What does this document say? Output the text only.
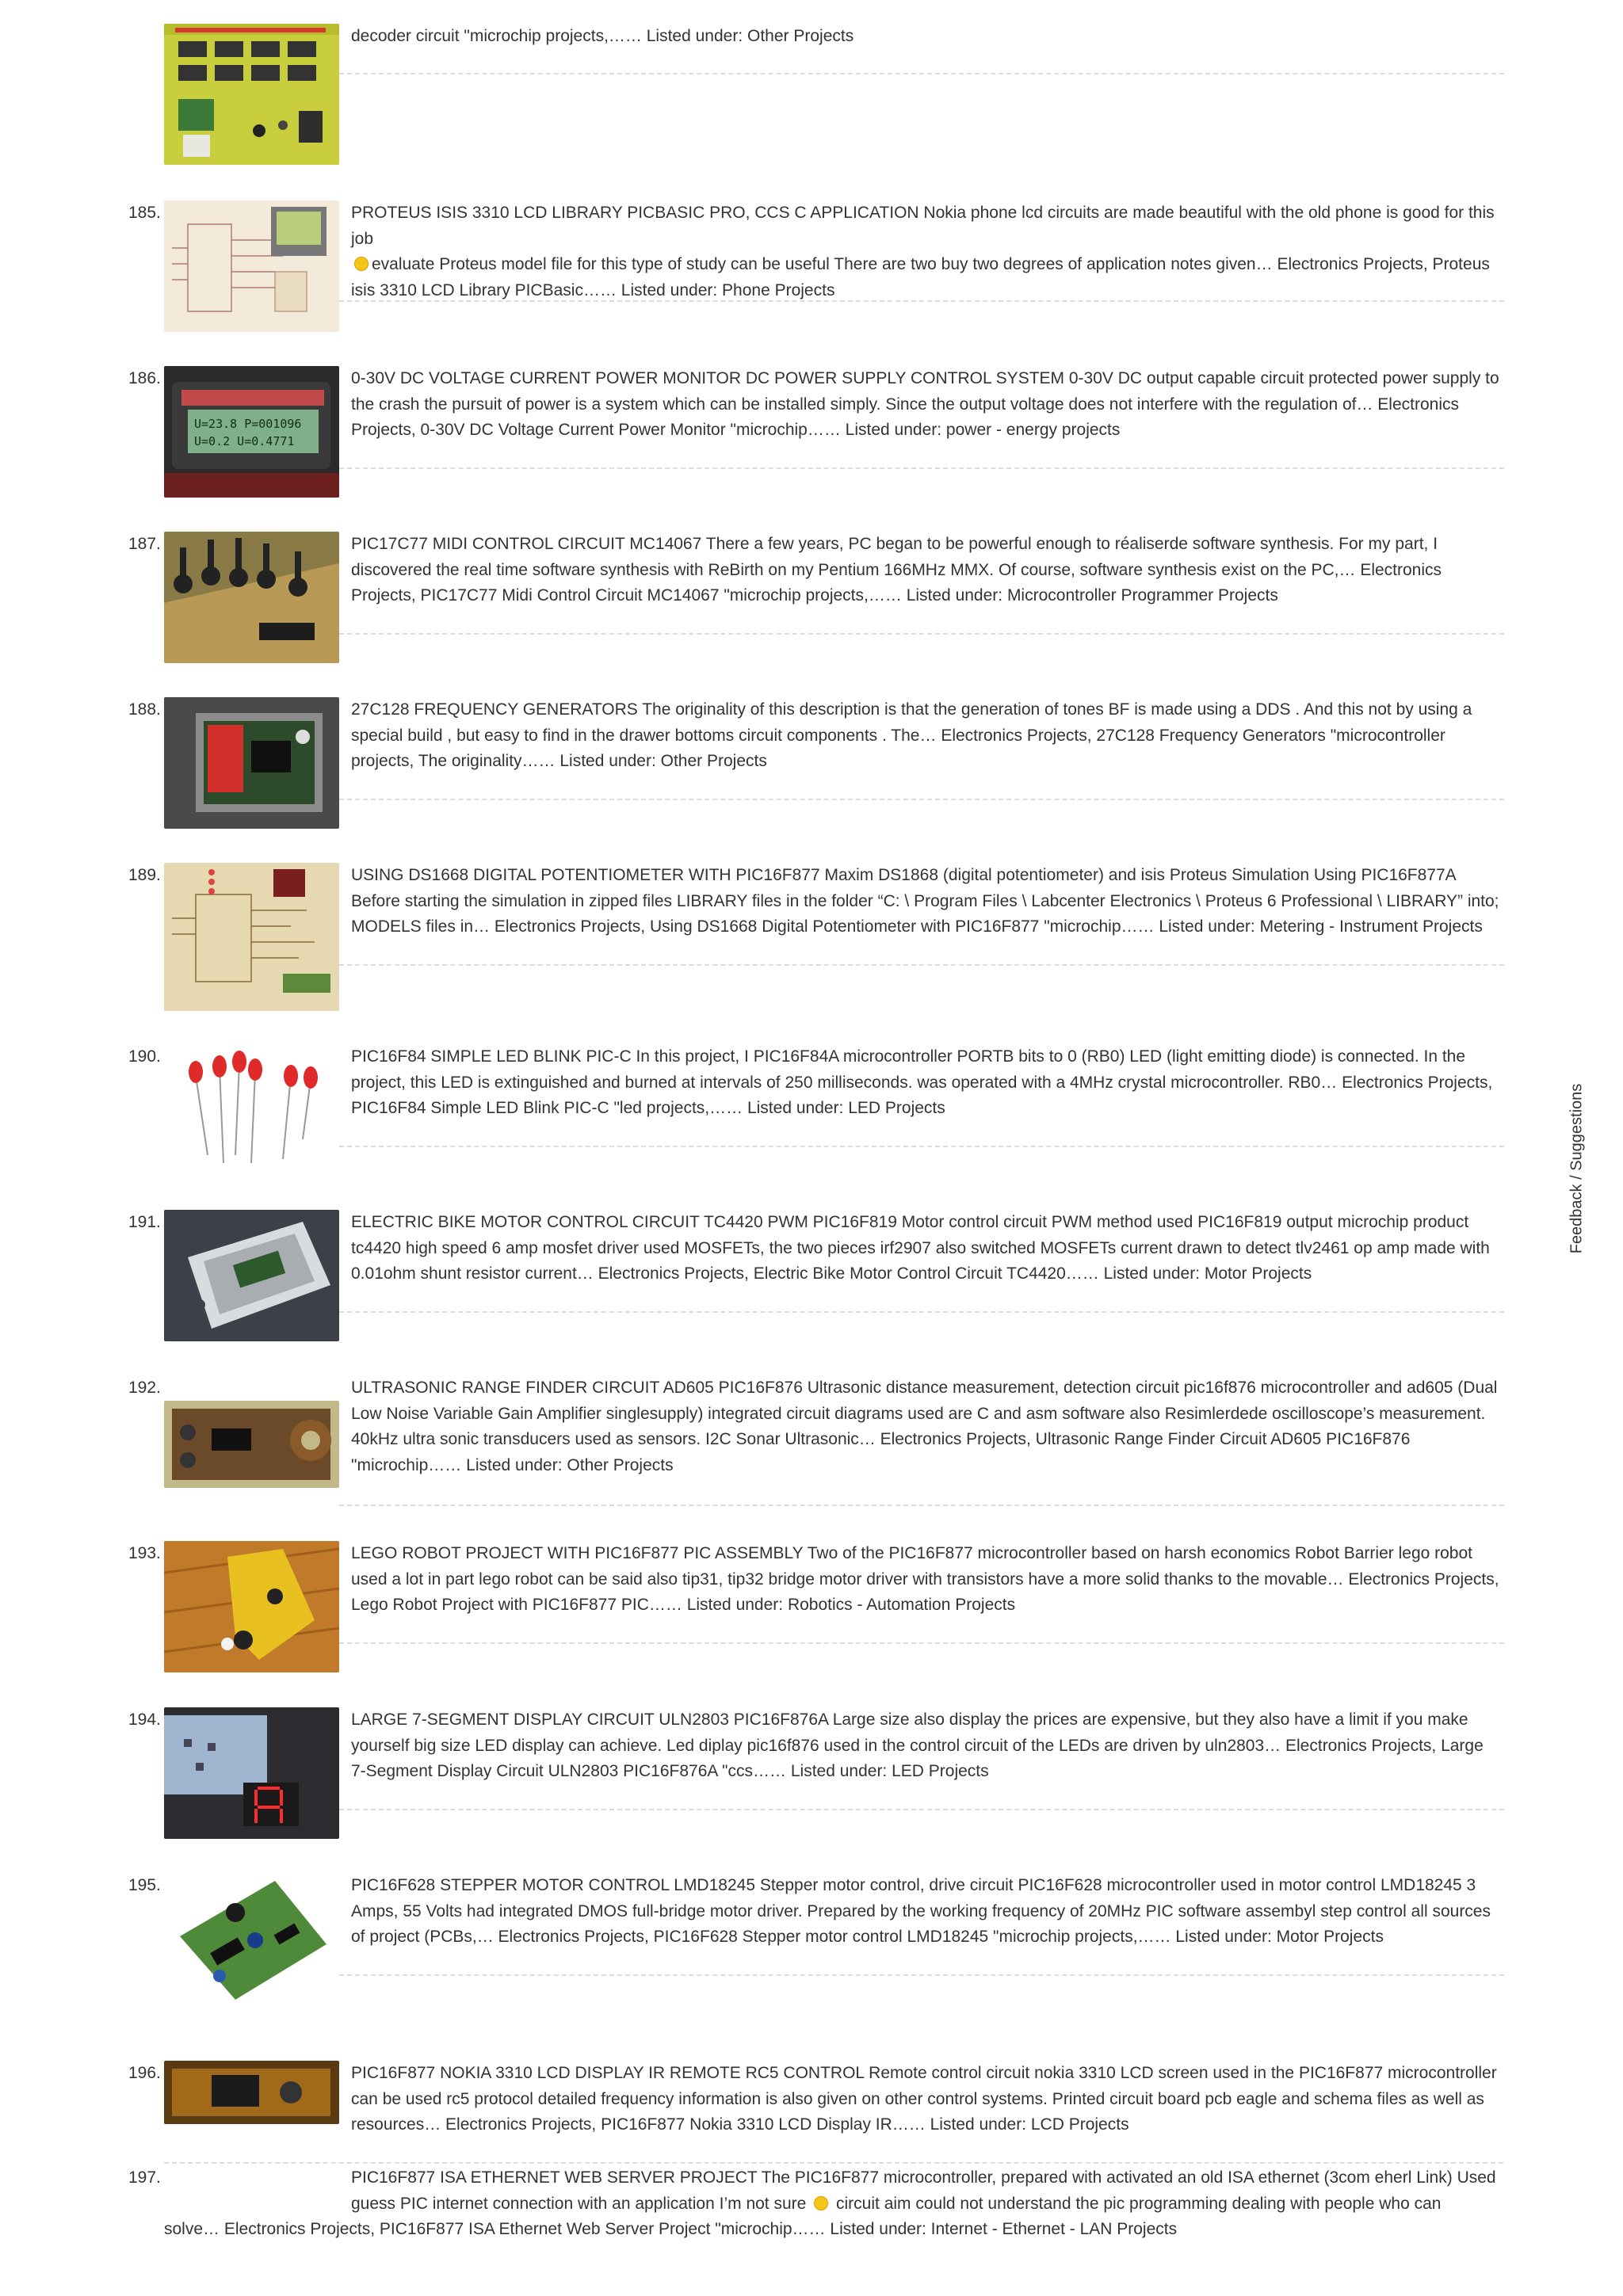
decoder circuit "microchip projects,…… Listed under: Other Projects
185.	PROTEUS ISIS 3310 LCD LIBRARY PICBASIC PRO, CCS C APPLICATION Nokia phone lcd circuits are made beautiful with the old phone is good for this job
evaluate Proteus model file for this type of study can be useful There are two buy two degrees of application notes given… Electronics Projects, Proteus isis 3310 LCD Library PICBasic…… Listed under: Phone Projects
186.
U=23.8 P=001096
U=0.2 U=0.4771
0-30V DC VOLTAGE CURRENT POWER MONITOR DC POWER SUPPLY CONTROL SYSTEM 0-30V DC output capable circuit protected power supply to the crash the pursuit of power is a system which can be installed simply. Since the output voltage does not interfere with the regulation of… Electronics Projects, 0-30V DC Voltage Current Power Monitor "microchip…… Listed under: power - energy projects
187.	PIC17C77 MIDI CONTROL CIRCUIT MC14067 There a few years, PC began to be powerful enough to réaliserde software synthesis. For my part, I discovered the real time software synthesis with ReBirth on my Pentium 166MHz MMX. Of course, software synthesis exist on the PC,… Electronics Projects, PIC17C77 Midi Control Circuit MC14067 "microchip projects,…… Listed under: Microcontroller Programmer Projects
188.	27C128 FREQUENCY GENERATORS The originality of this description is that the generation of tones BF is made using a DDS . And this not by using a special build , but easy to find in the drawer bottoms circuit components . The… Electronics Projects, 27C128 Frequency Generators "microcontroller projects, The originality…… Listed under: Other Projects
189.	USING DS1668 DIGITAL POTENTIOMETER WITH PIC16F877 Maxim DS1868 (digital potentiometer) and isis Proteus Simulation Using PIC16F877A Before starting the simulation in zipped files LIBRARY files in the folder “C: \ Program Files \ Labcenter Electronics \ Proteus 6 Professional \ LIBRARY” into; MODELS files in… Electronics Projects, Using DS1668 Digital Potentiometer with PIC16F877 "microchip…… Listed under: Metering - Instrument Projects
190.	PIC16F84 SIMPLE LED BLINK PIC-C In this project, I PIC16F84A microcontroller PORTB bits to 0 (RB0) LED (light emitting diode) is connected. In the project, this LED is extinguished and burned at intervals of 250 milliseconds. was operated with a 4MHz crystal microcontroller. RB0… Electronics Projects, PIC16F84 Simple LED Blink PIC-C "led projects,…… Listed under: LED Projects
191.	ELECTRIC BIKE MOTOR CONTROL CIRCUIT TC4420 PWM PIC16F819 Motor control circuit PWM method used PIC16F819 output microchip product tc4420 high speed 6 amp mosfet driver used MOSFETs, the two pieces irf2907 also switched MOSFETs current drawn to detect tlv2461 op amp made with 0.01ohm shunt resistor current… Electronics Projects, Electric Bike Motor Control Circuit TC4420…… Listed under: Motor Projects
192.	ULTRASONIC RANGE FINDER CIRCUIT AD605 PIC16F876 Ultrasonic distance measurement, detection circuit pic16f876 microcontroller and ad605 (Dual Low Noise Variable Gain Amplifier singlesupply) integrated circuit diagrams used are C and asm software also Resimlerdede oscilloscope’s measurement. 40kHz ultra sonic transducers used as sensors. I2C Sonar Ultrasonic… Electronics Projects, Ultrasonic Range Finder Circuit AD605 PIC16F876 "microchip…… Listed under: Other Projects
193.	LEGO ROBOT PROJECT WITH PIC16F877 PIC ASSEMBLY Two of the PIC16F877 microcontroller based on harsh economics Robot Barrier lego robot used a lot in part lego robot can be said also tip31, tip32 bridge motor driver with transistors have a more solid thanks to the movable… Electronics Projects, Lego Robot Project with PIC16F877 PIC…… Listed under: Robotics - Automation Projects
194.	LARGE 7-SEGMENT DISPLAY CIRCUIT ULN2803 PIC16F876A Large size also display the prices are expensive, but they also have a limit if you make yourself big size LED display can achieve. Led diplay pic16f876 used in the control circuit of the LEDs are driven by uln2803… Electronics Projects, Large 7-Segment Display Circuit ULN2803 PIC16F876A "ccs…… Listed under: LED Projects
195.	PIC16F628 STEPPER MOTOR CONTROL LMD18245 Stepper motor control, drive circuit PIC16F628 microcontroller used in motor control LMD18245 3 Amps, 55 Volts had integrated DMOS full-bridge motor driver. Prepared by the working frequency of 20MHz PIC software assembyl step control all sources of project (PCBs,… Electronics Projects, PIC16F628 Stepper motor control LMD18245 "microchip projects,…… Listed under: Motor Projects
196.	PIC16F877 NOKIA 3310 LCD DISPLAY IR REMOTE RC5 CONTROL Remote control circuit nokia 3310 LCD screen used in the PIC16F877 microcontroller can be used rc5 protocol detailed frequency information is also given on other control systems. Printed circuit board pcb eagle and schema files as well as resources… Electronics Projects, PIC16F877 Nokia 3310 LCD Display IR…… Listed under: LCD Projects
197.	PIC16F877 ISA ETHERNET WEB SERVER PROJECT The PIC16F877 microcontroller, prepared with activated an old ISA ethernet (3com eherl Link) Used
guess PIC internet connection with an application I’m not sure circuit aim could not understand the pic programming dealing with people who can
solve… Electronics Projects, PIC16F877 ISA Ethernet Web Server Project "microchip…… Listed under: Internet - Ethernet - LAN Projects
Feedback / Suggestions
